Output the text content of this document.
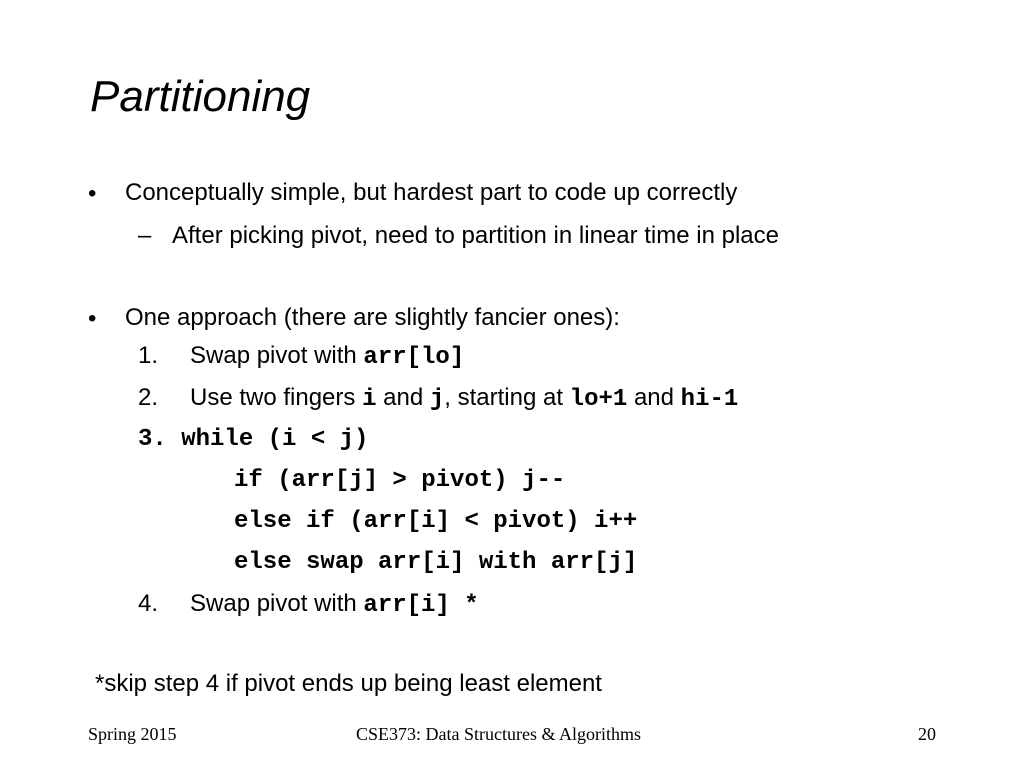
Partitioning
• Conceptually simple, but hardest part to code up correctly
– After picking pivot, need to partition in linear time in place
• One approach (there are slightly fancier ones):
1. Swap pivot with arr[lo]
2. Use two fingers i and j, starting at lo+1 and hi-1
3. while (i < j)
if (arr[j] > pivot) j--
else if (arr[i] < pivot) i++
else swap arr[i] with arr[j]
4. Swap pivot with arr[i] *
*skip step 4 if pivot ends up being least element
Spring 2015	CSE373: Data Structures & Algorithms	20
